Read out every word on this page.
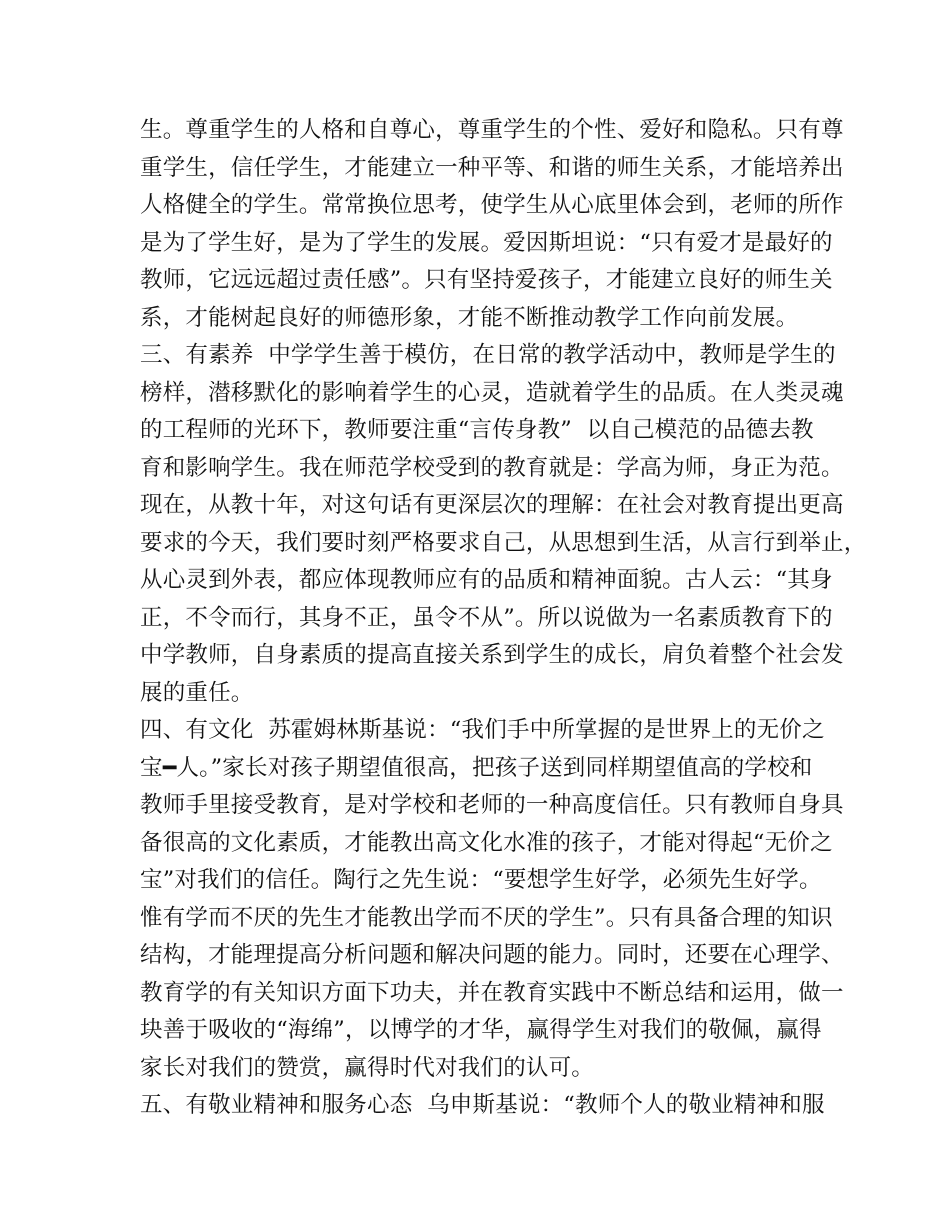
生。尊重学生的人格和自尊心，尊重学生的个性、爱好和隐私。只有尊
重学生，信任学生，才能建立一种平等、和谐的师生关系，才能培养出
人格健全的学生。常常换位思考，使学生从心底里体会到，老师的所作
是为了学生好，是为了学生的发展。爱因斯坦说：“只有爱才是最好的
教师，它远远超过责任感”。只有坚持爱孩子，才能建立良好的师生关
系，才能树起良好的师德形象，才能不断推动教学工作向前发展。
三、有素养  中学学生善于模仿，在日常的教学活动中，教师是学生的
榜样，潜移默化的影响着学生的心灵，造就着学生的品质。在人类灵魂
的工程师的光环下，教师要注重“言传身教”  以自己模范的品德去教
育和影响学生。我在师范学校受到的教育就是：学高为师，身正为范。
现在，从教十年，对这句话有更深层次的理解：在社会对教育提出更高
要求的今天，我们要时刻严格要求自己，从思想到生活，从言行到举止，
从心灵到外表，都应体现教师应有的品质和精神面貌。古人云：“其身
正，不令而行，其身不正，虽令不从”。所以说做为一名素质教育下的
中学教师，自身素质的提高直接关系到学生的成长，肩负着整个社会发
展的重任。
四、有文化  苏霍姆林斯基说：“我们手中所掌握的是世界上的无价之
宝━人。”家长对孩子期望值很高，把孩子送到同样期望值高的学校和
教师手里接受教育，是对学校和老师的一种高度信任。只有教师自身具
备很高的文化素质，才能教出高文化水准的孩子，才能对得起“无价之
宝”对我们的信任。陶行之先生说：“要想学生好学，必须先生好学。
惟有学而不厌的先生才能教出学而不厌的学生”。只有具备合理的知识
结构，才能理提高分析问题和解决问题的能力。同时，还要在心理学、
教育学的有关知识方面下功夫，并在教育实践中不断总结和运用，做一
块善于吸收的“海绵”，以博学的才华，赢得学生对我们的敬佩，赢得
家长对我们的赞赏，赢得时代对我们的认可。
五、有敬业精神和服务心态  乌申斯基说：“教师个人的敬业精神和服
